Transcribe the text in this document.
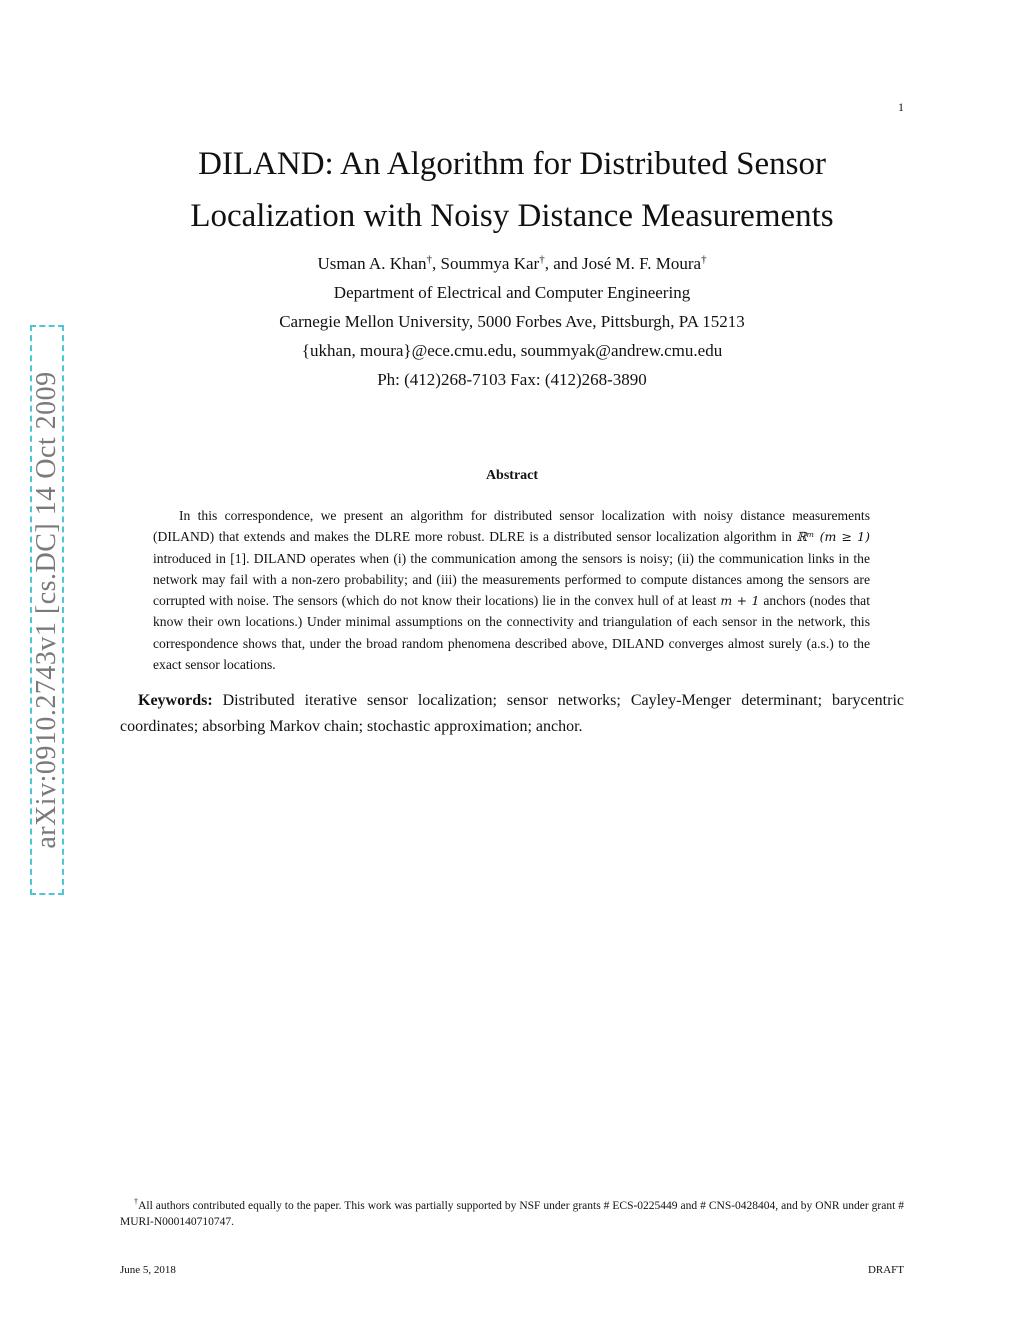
1
arXiv:0910.2743v1 [cs.DC] 14 Oct 2009
DILAND: An Algorithm for Distributed Sensor
Localization with Noisy Distance Measurements
Usman A. Khan†, Soummya Kar†, and José M. F. Moura†
Department of Electrical and Computer Engineering
Carnegie Mellon University, 5000 Forbes Ave, Pittsburgh, PA 15213
{ukhan, moura}@ece.cmu.edu, soummyak@andrew.cmu.edu
Ph: (412)268-7103 Fax: (412)268-3890
Abstract

In this correspondence, we present an algorithm for distributed sensor localization with noisy distance measurements (DILAND) that extends and makes the DLRE more robust. DLRE is a distributed sensor localization algorithm in ℝᵐ (m ≥ 1) introduced in [1]. DILAND operates when (i) the communication among the sensors is noisy; (ii) the communication links in the network may fail with a non-zero probability; and (iii) the measurements performed to compute distances among the sensors are corrupted with noise. The sensors (which do not know their locations) lie in the convex hull of at least m + 1 anchors (nodes that know their own locations.) Under minimal assumptions on the connectivity and triangulation of each sensor in the network, this correspondence shows that, under the broad random phenomena described above, DILAND converges almost surely (a.s.) to the exact sensor locations.

Keywords: Distributed iterative sensor localization; sensor networks; Cayley-Menger determinant; barycentric coordinates; absorbing Markov chain; stochastic approximation; anchor.

†All authors contributed equally to the paper. This work was partially supported by NSF under grants # ECS-0225449 and # CNS-0428404, and by ONR under grant # MURI-N000140710747.

June 5, 2018	DRAFT
